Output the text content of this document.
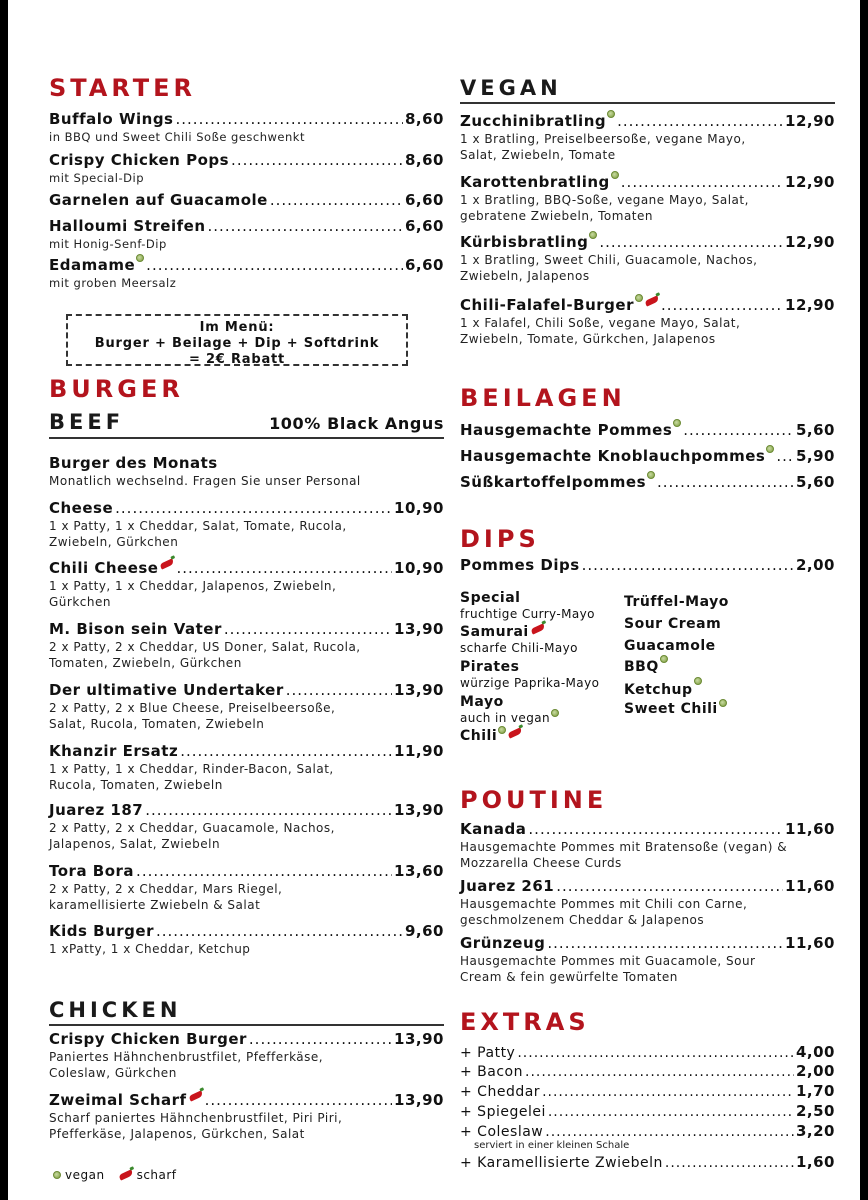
STARTER
Buffalo Wings .....	8,60
in BBQ und Sweet Chili Soße geschwenkt
Crispy Chicken Pops .....	8,60
mit Special-Dip
Garnelen auf Guacamole .....	6,60
Halloumi Streifen .....	6,60
mit Honig-Senf-Dip
Edamame .....	6,60
mit groben Meersalz
Im Menü:
Burger + Beilage + Dip + Softdrink
= 2€ Rabatt
BURGER
BEEF	100% Black Angus
Burger des Monats
Monatlich wechselnd. Fragen Sie unser Personal
Cheese .....	10,90
1 x Patty, 1 x Cheddar, Salat, Tomate, Rucola, Zwiebeln, Gürkchen
Chili Cheese .....	10,90
1 x Patty, 1 x Cheddar, Jalapenos, Zwiebeln, Gürkchen
M. Bison sein Vater .....	13,90
2 x Patty, 2 x Cheddar, US Doner, Salat, Rucola, Tomaten, Zwiebeln, Gürkchen
Der ultimative Undertaker .....	13,90
2 x Patty, 2 x Blue Cheese, Preiselbeersoße, Salat, Rucola, Tomaten, Zwiebeln
Khanzir Ersatz .....	11,90
1 x Patty, 1 x Cheddar, Rinder-Bacon, Salat, Rucola, Tomaten, Zwiebeln
Juarez 187 .....	13,90
2 x Patty, 2 x Cheddar, Guacamole, Nachos, Jalapenos, Salat, Zwiebeln
Tora Bora .....	13,60
2 x Patty, 2 x Cheddar, Mars Riegel, karamellisierte Zwiebeln & Salat
Kids Burger .....	9,60
1 xPatty, 1 x Cheddar, Ketchup
CHICKEN
Crispy Chicken Burger .....	13,90
Paniertes Hähnchenbrustfilet, Pfefferkäse, Coleslaw, Gürkchen
Zweimal Scharf .....	13,90
Scharf paniertes Hähnchenbrustfilet, Piri Piri, Pfefferkäse, Jalapenos, Gürkchen, Salat
vegan	scharf
VEGAN
Zucchinibratling .....	12,90
1 x Bratling, Preiselbeersoße, vegane Mayo, Salat, Zwiebeln, Tomate
Karottenbratling .....	12,90
1 x Bratling, BBQ-Soße, vegane Mayo, Salat, gebratene Zwiebeln, Tomaten
Kürbisbratling .....	12,90
1 x Bratling, Sweet Chili, Guacamole, Nachos, Zwiebeln, Jalapenos
Chili-Falafel-Burger .....	12,90
1 x Falafel, Chili Soße, vegane Mayo, Salat, Zwiebeln, Tomate, Gürkchen, Jalapenos
BEILAGEN
Hausgemachte Pommes .....	5,60
Hausgemachte Knoblauchpommes .....	5,90
Süßkartoffelpommes .....	5,60
DIPS
Pommes Dips .....	2,00
Special
fruchtige Curry-Mayo
Samurai
scharfe Chili-Mayo
Pirates
würzige Paprika-Mayo
Mayo
auch in vegan
Chili
Trüffel-Mayo
Sour Cream
Guacamole
BBQ
Ketchup
Sweet Chili
POUTINE
Kanada .....	11,60
Hausgemachte Pommes mit Bratensoße (vegan) & Mozzarella Cheese Curds
Juarez 261 .....	11,60
Hausgemachte Pommes mit Chili con Carne, geschmolzenem Cheddar & Jalapenos
Grünzeug .....	11,60
Hausgemachte Pommes mit Guacamole, Sour Cream & fein gewürfelte Tomaten
EXTRAS
+ Patty .....	4,00
+ Bacon .....	2,00
+ Cheddar .....	1,70
+ Spiegelei .....	2,50
+ Coleslaw .....	3,20
serviert in einer kleinen Schale
+ Karamellisierte Zwiebeln .....	1,60
